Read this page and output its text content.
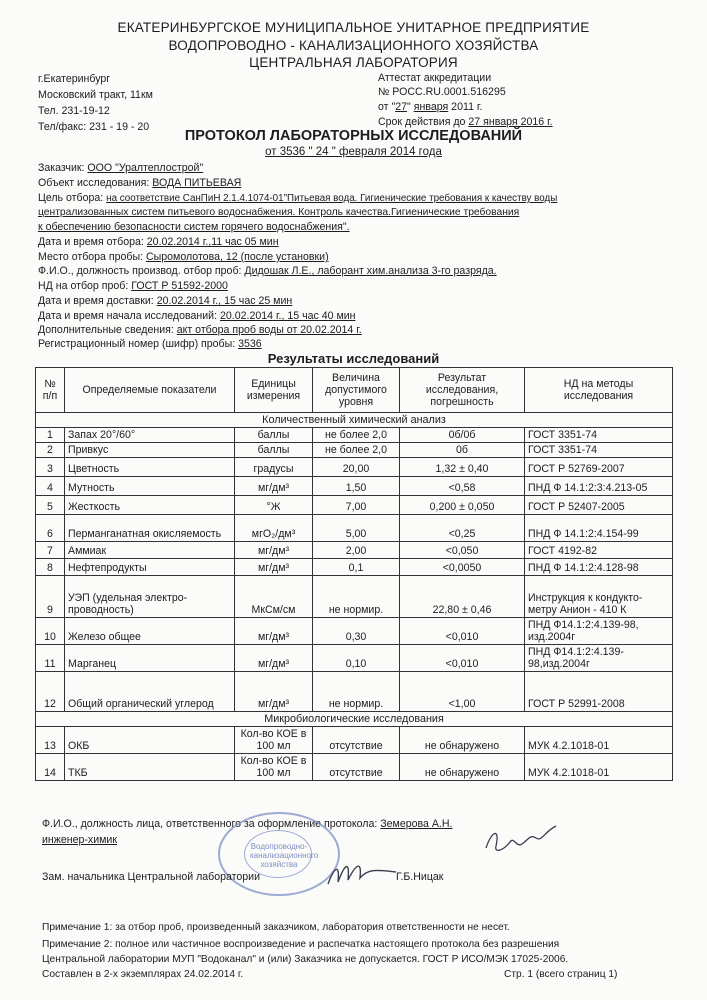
ЕКАТЕРИНБУРГСКОЕ МУНИЦИПАЛЬНОЕ УНИТАРНОЕ ПРЕДПРИЯТИЕ
ВОДОПРОВОДНО - КАНАЛИЗАЦИОННОГО ХОЗЯЙСТВА
ЦЕНТРАЛЬНАЯ ЛАБОРАТОРИЯ
г.Екатеринбург
Московский тракт, 11км
Тел. 231-19-12
Тел/факс: 231 - 19 - 20
Аттестат аккредитации
№ РОСС.RU.0001.516295
от "27" января 2011 г.
Срок действия до 27 января 2016 г.
ПРОТОКОЛ ЛАБОРАТОРНЫХ ИССЛЕДОВАНИЙ
от 3536 " 24 " февраля 2014 года
Заказчик: ООО "Уралтеплострой"
Объект исследования: ВОДА ПИТЬЕВАЯ
Цель отбора: на соответствие СанПиН 2.1.4.1074-01"Питьевая вода. Гигиенические требования к качеству воды
централизованных систем питьевого водоснабжения. Контроль качества.Гигиенические требования
к обеспечению безопасности систем горячего водоснабжения".
Дата и время отбора: 20.02.2014 г.,11 час 05 мин
Место отбора пробы: Сыромолотова, 12 (после установки)
Ф.И.О., должность производ. отбор проб: Дидошак Л.Е., лаборант хим.анализа 3-го разряда.
НД на отбор проб: ГОСТ Р 51592-2000
Дата и время доставки: 20.02.2014 г., 15 час 25 мин
Дата и время начала исследований: 20.02.2014 г., 15 час 40 мин
Дополнительные сведения: акт отбора проб воды от 20.02.2014 г.
Регистрационный номер (шифр) пробы: 3536
Результаты исследований
№ п/п	Определяемые показатели	Единицы измерения	Величина допустимого уровня	Результат исследования, погрешность	НД на методы исследования
Количественный химический анализ					
1	Запах 20°/60°	баллы	не более 2,0	0б/0б	ГОСТ 3351-74
2	Привкус	баллы	не более 2,0	0б	ГОСТ 3351-74
3	Цветность	градусы	20,00	1,32 ± 0,40	ГОСТ Р 52769-2007
4	Мутность	мг/дм³	1,50	<0,58	ПНД Ф 14.1:2:3:4.213-05
5	Жесткость	°Ж	7,00	0,200 ± 0,050	ГОСТ Р 52407-2005
6	Перманганатная окисляемость	мгО₂/дм³	5,00	<0,25	ПНД Ф 14.1:2:4.154-99
7	Аммиак	мг/дм³	2,00	<0,050	ГОСТ 4192-82
8	Нефтепродукты	мг/дм³	0,1	<0,0050	ПНД Ф 14.1:2:4.128-98
9	УЭП (удельная электро- проводность)	МкСм/см	не нормир.	22,80 ± 0,46	Инструкция к кондукто-метру Анион - 410 К
10	Железо общее	мг/дм³	0,30	<0,010	ПНД Ф14.1:2:4.139-98, изд.2004г
11	Марганец	мг/дм³	0,10	<0,010	ПНД Ф14.1:2:4.139-98,изд.2004г
12	Общий органический углерод	мг/дм³	не нормир.	<1,00	ГОСТ Р 52991-2008
Микробиологические исследования					
13	ОКБ	Кол-во КОЕ в 100 мл	отсутствие	не обнаружено	МУК 4.2.1018-01
14	ТКБ	Кол-во КОЕ в 100 мл	отсутствие	не обнаружено	МУК 4.2.1018-01
Ф.И.О., должность лица, ответственного за оформление протокола: Земерова А.Н.
инженер-химик
Водопроводно-канализационного хозяйства
Зам. начальника Центральной лаборатории	Г.Б.Ницак
Примечание 1: за отбор проб, произведенный заказчиком, лаборатория ответственности не несет.
Примечание 2: полное или частичное воспроизведение и распечатка настоящего протокола без разрешения
Центральной лаборатории МУП "Водоканал" и (или) Заказчика не допускается. ГОСТ Р ИСО/МЭК 17025-2006.
Составлен в 2-х экземплярах 24.02.2014 г.	Стр. 1 (всего страниц 1)
